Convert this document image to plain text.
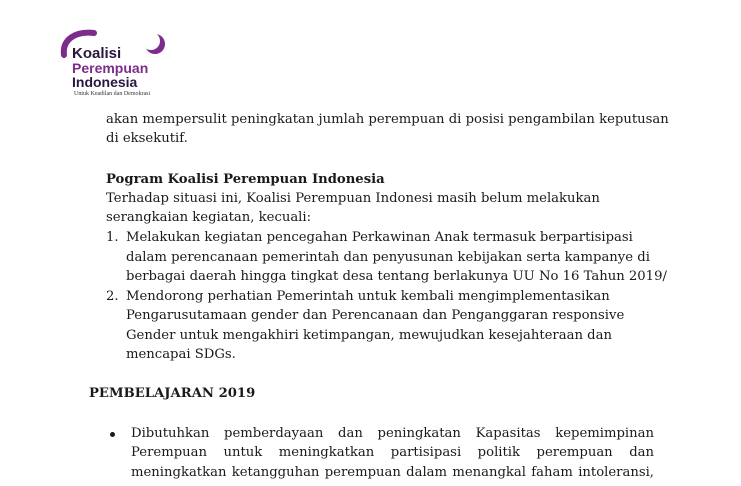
Koalisi
Perempuan
Indonesia
Untuk Keadilan dan Demokrasi
akan mempersulit peningkatan jumlah perempuan di posisi pengambilan keputusan
di eksekutif.
Pogram Koalisi Perempuan Indonesia
Terhadap situasi ini, Koalisi Perempuan Indonesi masih belum melakukan
serangkaian kegiatan, kecuali:
1. Melakukan kegiatan pencegahan Perkawinan Anak termasuk berpartisipasi
dalam perencanaan pemerintah dan penyusunan kebijakan serta kampanye di
berbagai daerah hingga tingkat desa tentang berlakunya UU No 16 Tahun 2019/
2. Mendorong perhatian Pemerintah untuk kembali mengimplementasikan
Pengarusutamaan gender dan Perencanaan dan Penganggaran responsive
Gender untuk mengakhiri ketimpangan, mewujudkan kesejahteraan dan
mencapai SDGs.
PEMBELAJARAN 2019
Dibutuhkan pemberdayaan dan peningkatan Kapasitas kepemimpinan
Perempuan untuk meningkatkan partisipasi politik perempuan dan
meningkatkan ketangguhan perempuan dalam menangkal faham intoleransi,
